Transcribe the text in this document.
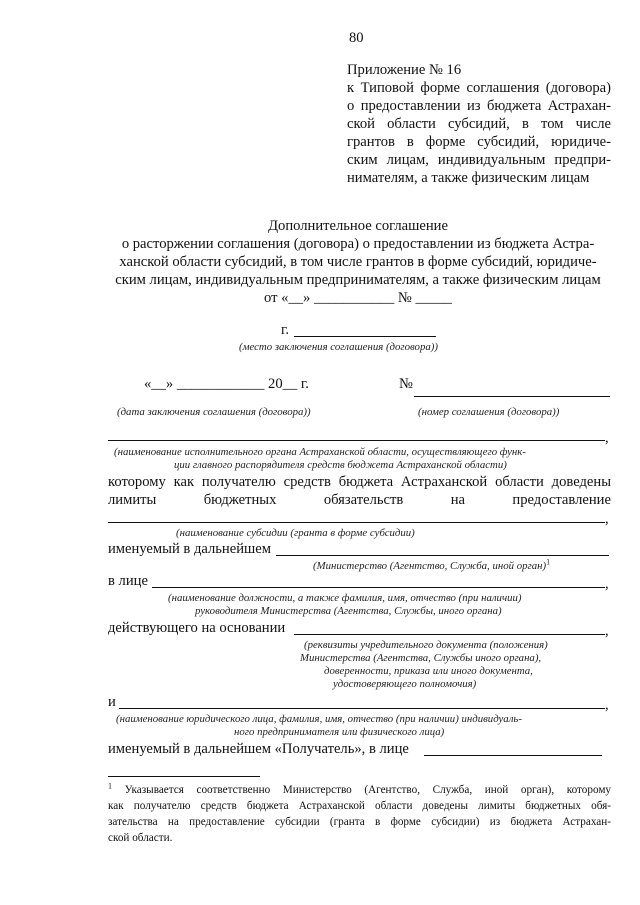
80
Приложение № 16
к Типовой форме соглашения (договора)
о предоставлении из бюджета Астрахан-
ской области субсидий, в том числе
грантов в форме субсидий, юридиче-
ским лицам, индивидуальным предпри-
нимателям, а также физическим лицам
Дополнительное соглашение
о расторжении соглашения (договора) о предоставлении из бюджета Астра-
ханской области субсидий, в том числе грантов в форме субсидий, юридиче-
ским лицам, индивидуальным предпринимателям, а также физическим лицам
от «__» ___________ № _____
г.
(место заключения соглашения (договора))
«__» ____________ 20__ г.	№
(дата заключения соглашения (договора))	(номер соглашения (договора))
,
(наименование исполнительного органа Астраханской области, осуществляющего функ-
ции главного распорядителя средств бюджета Астраханской области)
которому как получателю средств бюджета Астраханской области доведены
лимиты	бюджетных	обязательств	на	предоставление
,
(наименование субсидии (гранта в форме субсидии)
именуемый в дальнейшем
(Министерство (Агентство, Служба, иной орган)$^1$
в лице	,
(наименование должности, а также фамилия, имя, отчество (при наличии)
руководителя Министерства (Агентства, Службы, иного органа)
действующего на основании	,
(реквизиты учредительного документа (положения)
Министерства (Агентства, Службы иного органа),
доверенности, приказа или иного документа,
удостоверяющего полномочия)
и	,
(наименование юридического лица, фамилия, имя, отчество (при наличии) индивидуаль-
ного предпринимателя или физического лица)
именуемый в дальнейшем «Получатель», в лице
$^1$ Указывается соответственно Министерство (Агентство, Служба, иной орган), которому
как получателю средств бюджета Астраханской области доведены лимиты бюджетных обя-
зательства на предоставление субсидии (гранта в форме субсидии) из бюджета Астрахан-
ской области.
